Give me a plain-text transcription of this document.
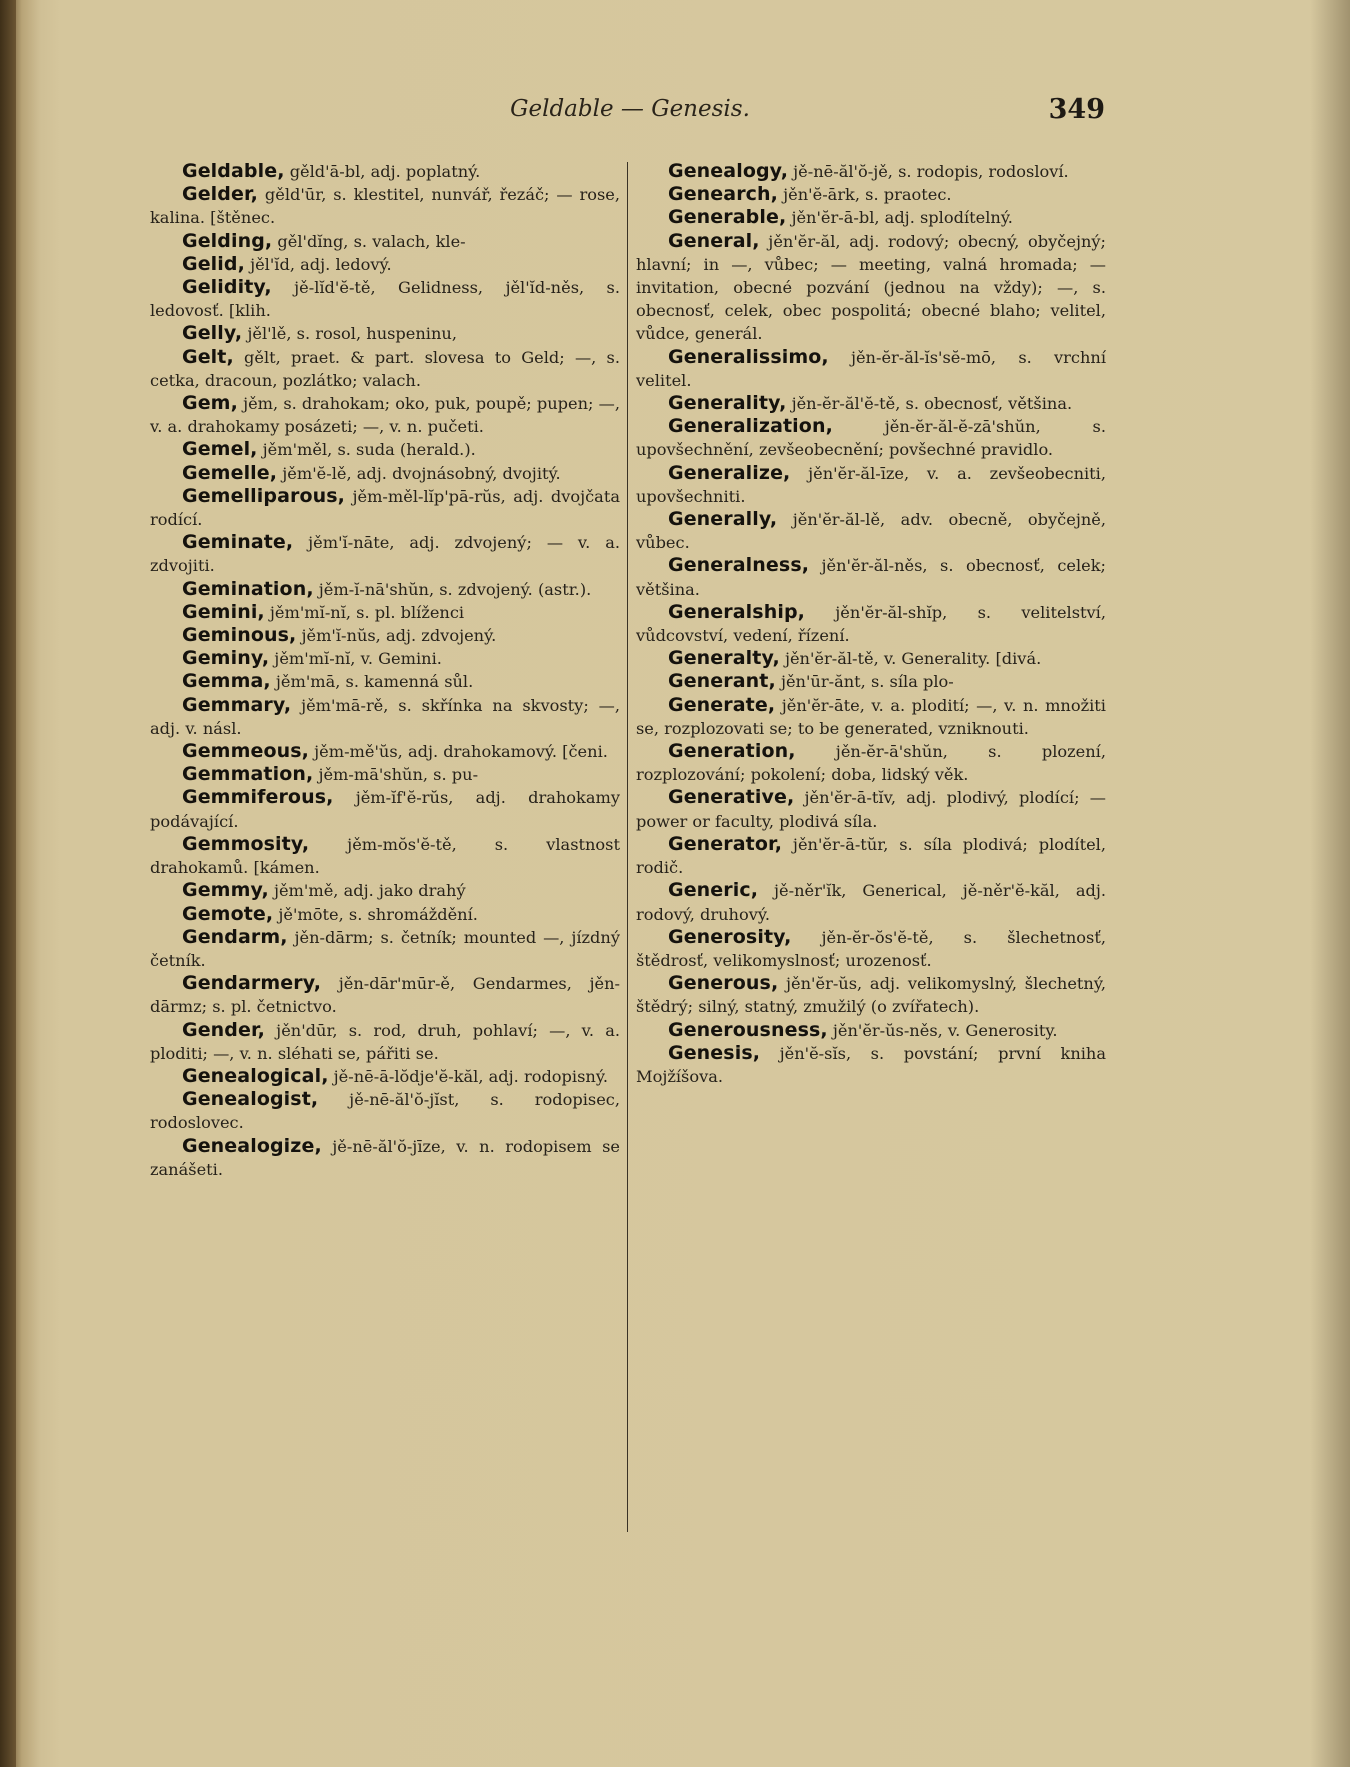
Geldable — Genesis.	349
Geldable, gěld'ā-bl, adj. poplatný.
Gelder, gěld'ūr, s. klestitel, nunvář, řezáč; — rose, kalina. [štěnec.
Gelding, gěl'dĭng, s. valach, kle-
Gelid, jěl'ĭd, adj. ledový.
Gelidity, jě-lĭd'ĕ-tě, Gelidness, jěl'ĭd-něs, s. ledovosť. [klih.
Gelly, jěl'lě, s. rosol, huspeninu,
Gelt, gělt, praet. & part. slovesa to Geld; —, s. cetka, dracoun, pozlátko; valach.
Gem, jěm, s. drahokam; oko, puk, poupě; pupen; —, v. a. drahokamy posázeti; —, v. n. pučeti.
Gemel, jěm'měl, s. suda (herald.).
Gemelle, jěm'ĕ-lě, adj. dvojnásobný, dvojitý.
Gemelliparous, jěm-měl-lĭp'pā-rŭs, adj. dvojčata rodící.
Geminate, jěm'ĭ-nāte, adj. zdvojený; — v. a. zdvojiti.
Gemination, jěm-ĭ-nā'shŭn, s. zdvojený. (astr.).
Gemini, jěm'mĭ-nĭ, s. pl. blíženci
Geminous, jěm'ĭ-nŭs, adj. zdvojený.
Geminy, jěm'mĭ-nĭ, v. Gemini.
Gemma, jěm'mā, s. kamenná sůl.
Gemmary, jěm'mā-rě, s. skřínka na skvosty; —, adj. v. násl.
Gemmeous, jěm-mě'ŭs, adj. drahokamový. [čeni.
Gemmation, jěm-mā'shŭn, s. pu-
Gemmiferous, jěm-ĭf'ĕ-rŭs, adj. drahokamy podávající.
Gemmosity, jěm-mŏs'ĕ-tě, s. vlastnost drahokamů. [kámen.
Gemmy, jěm'mě, adj. jako drahý
Gemote, jě'mōte, s. shromáždění.
Gendarm, jěn-dārm; s. četník; mounted —, jízdný četník.
Gendarmery, jěn-dār'mūr-ě, Gendarmes, jěn-dārmz; s. pl. četnictvo.
Gender, jěn'dūr, s. rod, druh, pohlaví; —, v. a. ploditi; —, v. n. sléhati se, pářiti se.
Genealogical, jě-nē-ā-lŏdje'ĕ-kăl, adj. rodopisný.
Genealogist, jě-nē-ăl'ŏ-jĭst, s. rodopisec, rodoslovec.
Genealogize, jě-nē-ăl'ŏ-jīze, v. n. rodopisem se zanášeti.
Genealogy, jě-nē-ăl'ŏ-jě, s. rodopis, rodosloví.
Genearch, jěn'ĕ-ārk, s. praotec.
Generable, jěn'ĕr-ā-bl, adj. splodítelný.
General, jěn'ĕr-ăl, adj. rodový; obecný, obyčejný; hlavní; in —, vůbec; — meeting, valná hromada; — invitation, obecné pozvání (jednou na vždy); —, s. obecnosť, celek, obec pospolitá; obecné blaho; velitel, vůdce, generál.
Generalissimo, jěn-ĕr-ăl-ĭs'sĕ-mō, s. vrchní velitel.
Generality, jěn-ĕr-ăl'ĕ-tě, s. obecnosť, většina.
Generalization, jěn-ĕr-ăl-ĕ-zā'shŭn, s. upovšechnění, zevšeobecnění; povšechné pravidlo.
Generalize, jěn'ĕr-ăl-īze, v. a. zevšeobecniti, upovšechniti.
Generally, jěn'ĕr-ăl-lě, adv. obecně, obyčejně, vůbec.
Generalness, jěn'ĕr-ăl-něs, s. obecnosť, celek; většina.
Generalship, jěn'ĕr-ăl-shĭp, s. velitelství, vůdcovství, vedení, řízení.
Generalty, jěn'ĕr-ăl-tě, v. Generality. [divá.
Generant, jěn'ūr-ănt, s. síla plo-
Generate, jěn'ĕr-āte, v. a. plodití; —, v. n. množiti se, rozplozovati se; to be generated, vzniknouti.
Generation, jěn-ĕr-ā'shŭn, s. plození, rozplozování; pokolení; doba, lidský věk.
Generative, jěn'ĕr-ā-tĭv, adj. plodivý, plodící; — power or faculty, plodivá síla.
Generator, jěn'ĕr-ā-tŭr, s. síla plodivá; plodítel, rodič.
Generic, jě-něr'ĭk, Generical, jě-něr'ĕ-kăl, adj. rodový, druhový.
Generosity, jěn-ĕr-ŏs'ĕ-tě, s. šlechetnosť, štědrosť, velikomyslnosť; urozenosť.
Generous, jěn'ĕr-ŭs, adj. velikomyslný, šlechetný, štědrý; silný, statný, zmužilý (o zvířatech).
Generousness, jěn'ĕr-ŭs-něs, v. Generosity.
Genesis, jěn'ĕ-sĭs, s. povstání; první kniha Mojžíšova.
